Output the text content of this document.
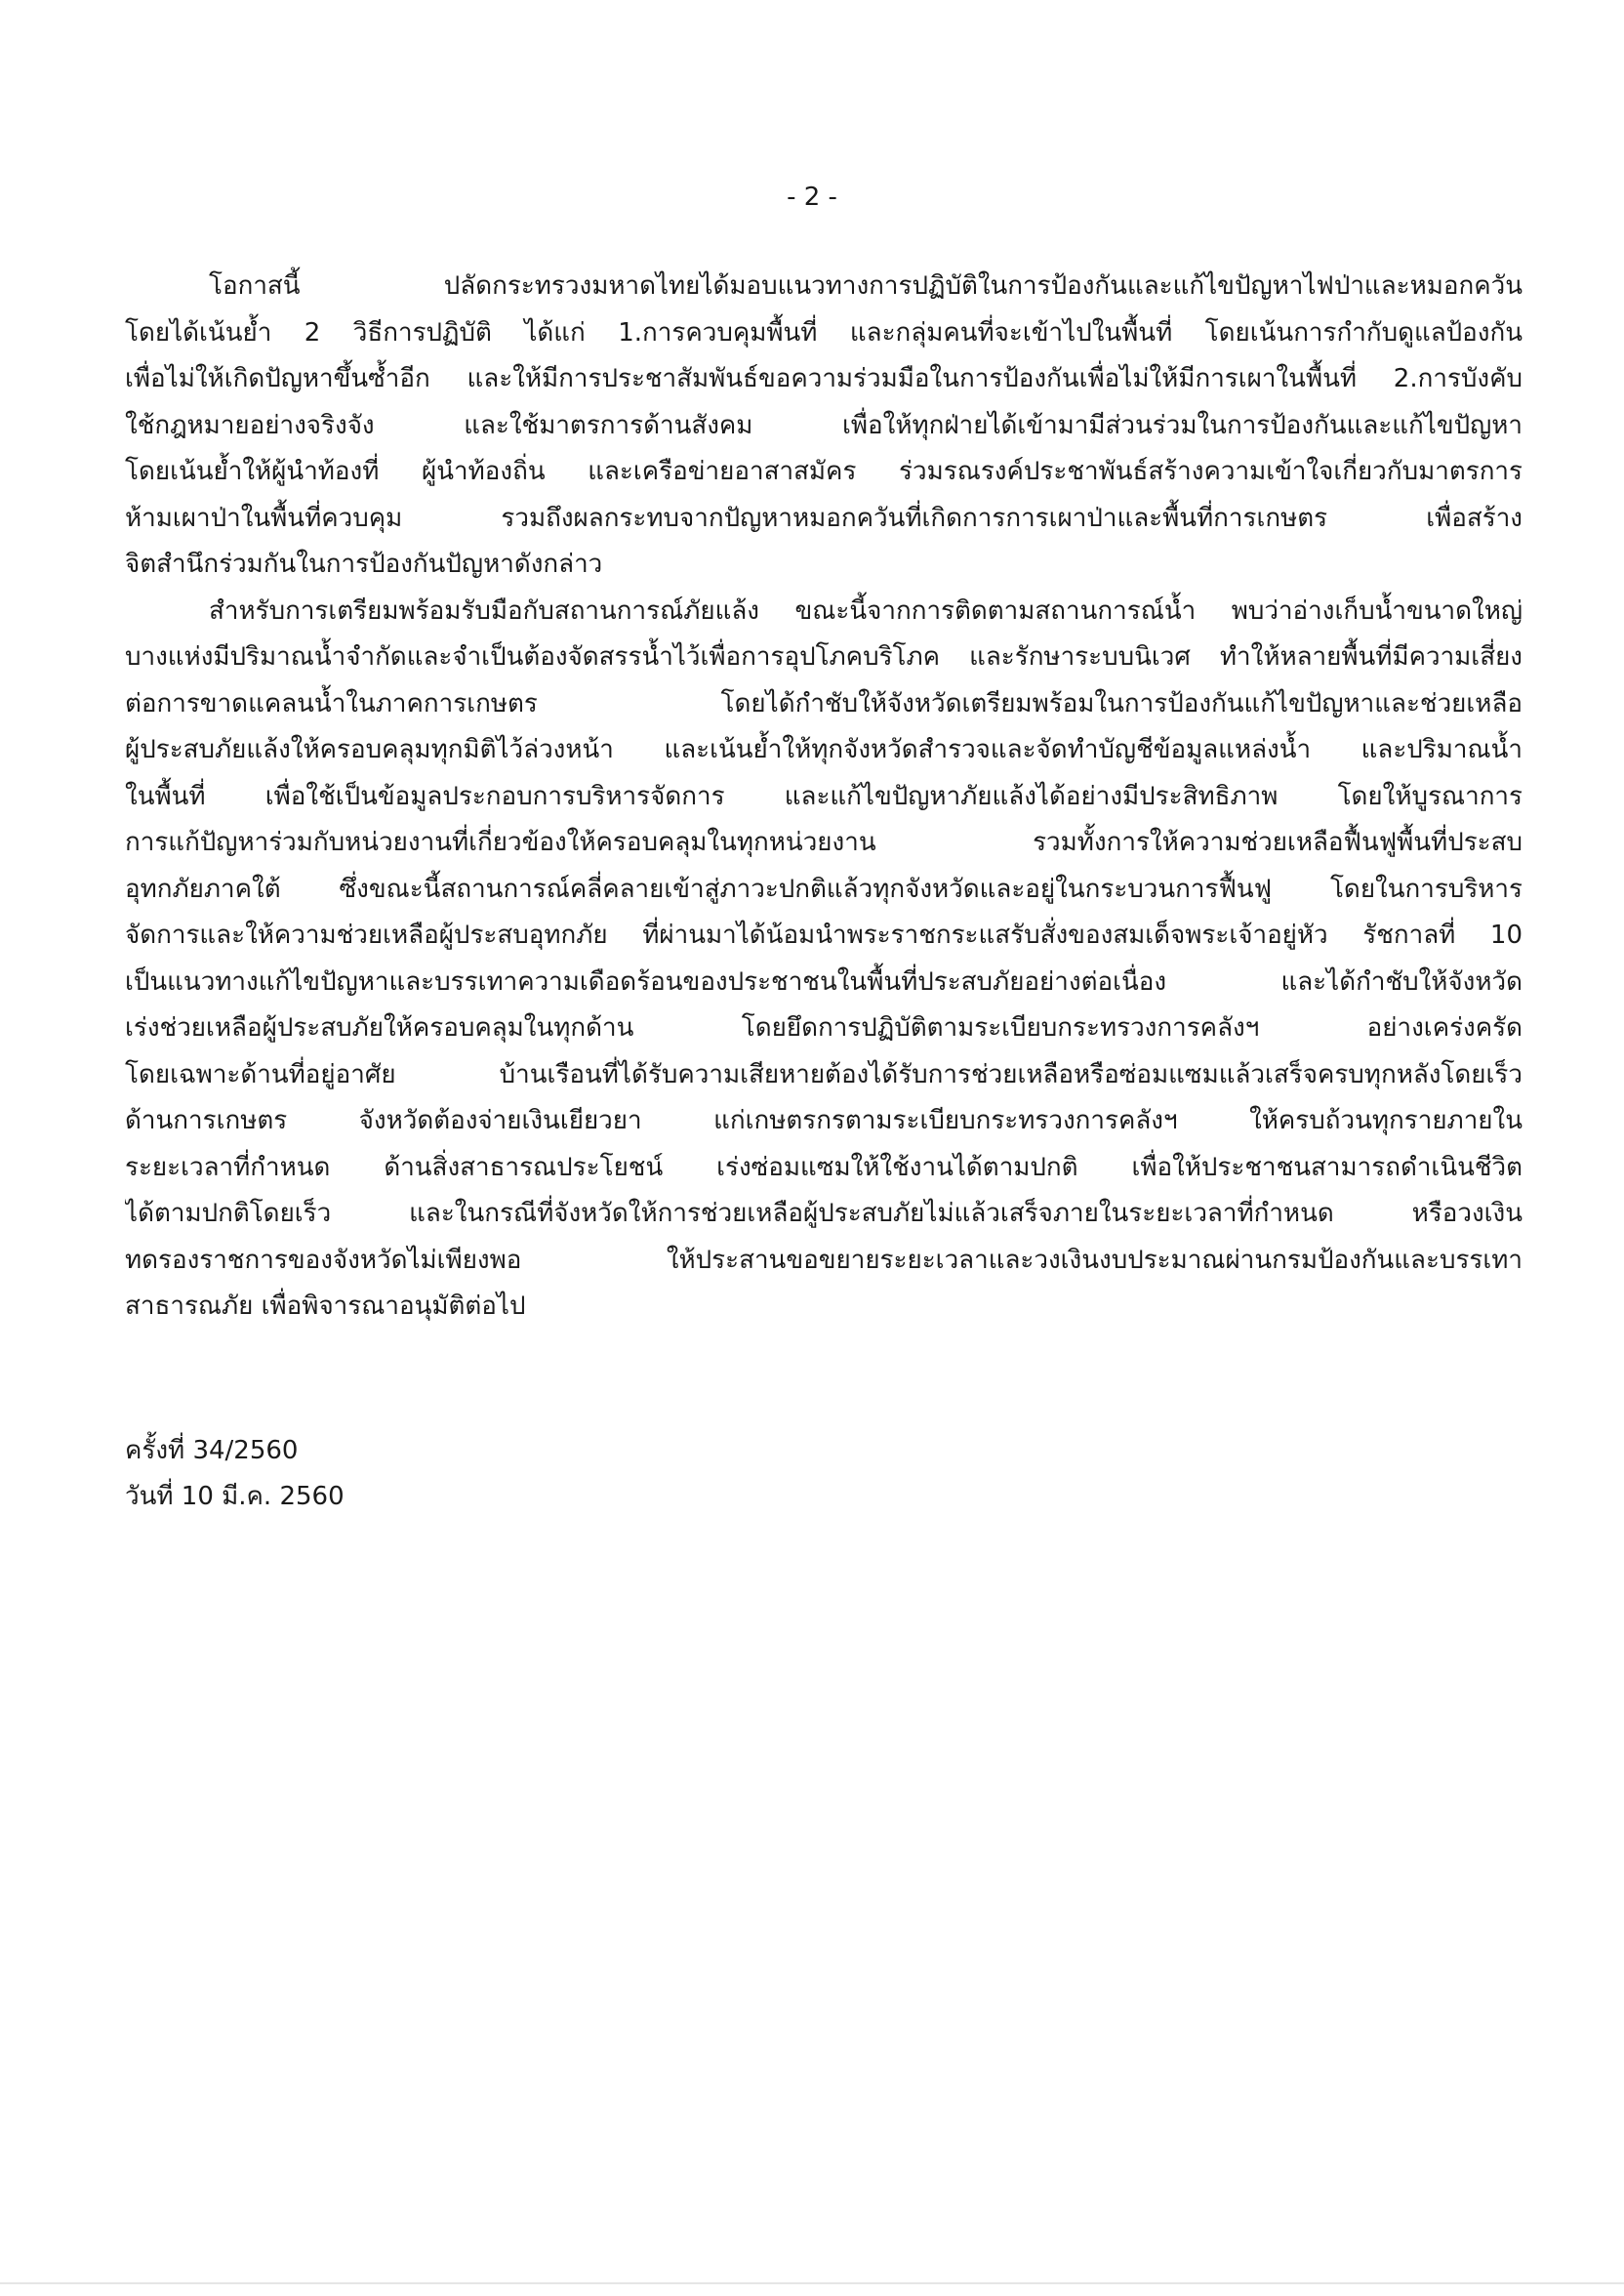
- 2 -
โอกาสนี้ ปลัดกระทรวงมหาดไทยได้มอบแนวทางการปฏิบัติในการป้องกันและแก้ไขปัญหาไฟป่าและหมอกควัน
โดยได้เน้นย้ำ 2 วิธีการปฏิบัติ ได้แก่ 1.การควบคุมพื้นที่ และกลุ่มคนที่จะเข้าไปในพื้นที่ โดยเน้นการกำกับดูแลป้องกัน
เพื่อไม่ให้เกิดปัญหาขึ้นซ้ำอีก และให้มีการประชาสัมพันธ์ขอความร่วมมือในการป้องกันเพื่อไม่ให้มีการเผาในพื้นที่ 2.การบังคับ
ใช้กฎหมายอย่างจริงจัง และใช้มาตรการด้านสังคม เพื่อให้ทุกฝ่ายได้เข้ามามีส่วนร่วมในการป้องกันและแก้ไขปัญหา
โดยเน้นย้ำให้ผู้นำท้องที่ ผู้นำท้องถิ่น และเครือข่ายอาสาสมัคร ร่วมรณรงค์ประชาพันธ์สร้างความเข้าใจเกี่ยวกับมาตรการ
ห้ามเผาป่าในพื้นที่ควบคุม รวมถึงผลกระทบจากปัญหาหมอกควันที่เกิดการการเผาป่าและพื้นที่การเกษตร เพื่อสร้าง
จิตสำนึกร่วมกันในการป้องกันปัญหาดังกล่าว
สำหรับการเตรียมพร้อมรับมือกับสถานการณ์ภัยแล้ง ขณะนี้จากการติดตามสถานการณ์น้ำ พบว่าอ่างเก็บน้ำขนาดใหญ่
บางแห่งมีปริมาณน้ำจำกัดและจำเป็นต้องจัดสรรน้ำไว้เพื่อการอุปโภคบริโภค และรักษาระบบนิเวศ ทำให้หลายพื้นที่มีความเสี่ยง
ต่อการขาดแคลนน้ำในภาคการเกษตร โดยได้กำชับให้จังหวัดเตรียมพร้อมในการป้องกันแก้ไขปัญหาและช่วยเหลือ
ผู้ประสบภัยแล้งให้ครอบคลุมทุกมิติไว้ล่วงหน้า และเน้นย้ำให้ทุกจังหวัดสำรวจและจัดทำบัญชีข้อมูลแหล่งน้ำ และปริมาณน้ำ
ในพื้นที่ เพื่อใช้เป็นข้อมูลประกอบการบริหารจัดการ และแก้ไขปัญหาภัยแล้งได้อย่างมีประสิทธิภาพ โดยให้บูรณาการ
การแก้ปัญหาร่วมกับหน่วยงานที่เกี่ยวข้องให้ครอบคลุมในทุกหน่วยงาน รวมทั้งการให้ความช่วยเหลือฟื้นฟูพื้นที่ประสบ
อุทกภัยภาคใต้ ซึ่งขณะนี้สถานการณ์คลี่คลายเข้าสู่ภาวะปกติแล้วทุกจังหวัดและอยู่ในกระบวนการฟื้นฟู โดยในการบริหาร
จัดการและให้ความช่วยเหลือผู้ประสบอุทกภัย ที่ผ่านมาได้น้อมนำพระราชกระแสรับสั่งของสมเด็จพระเจ้าอยู่หัว รัชกาลที่ 10
เป็นแนวทางแก้ไขปัญหาและบรรเทาความเดือดร้อนของประชาชนในพื้นที่ประสบภัยอย่างต่อเนื่อง และได้กำชับให้จังหวัด
เร่งช่วยเหลือผู้ประสบภัยให้ครอบคลุมในทุกด้าน โดยยึดการปฏิบัติตามระเบียบกระทรวงการคลังฯ อย่างเคร่งครัด
โดยเฉพาะด้านที่อยู่อาศัย บ้านเรือนที่ได้รับความเสียหายต้องได้รับการช่วยเหลือหรือซ่อมแซมแล้วเสร็จครบทุกหลังโดยเร็ว
ด้านการเกษตร จังหวัดต้องจ่ายเงินเยียวยา แก่เกษตรกรตามระเบียบกระทรวงการคลังฯ ให้ครบถ้วนทุกรายภายใน
ระยะเวลาที่กำหนด ด้านสิ่งสาธารณประโยชน์ เร่งซ่อมแซมให้ใช้งานได้ตามปกติ เพื่อให้ประชาชนสามารถดำเนินชีวิต
ได้ตามปกติโดยเร็ว และในกรณีที่จังหวัดให้การช่วยเหลือผู้ประสบภัยไม่แล้วเสร็จภายในระยะเวลาที่กำหนด หรือวงเงิน
ทดรองราชการของจังหวัดไม่เพียงพอ ให้ประสานขอขยายระยะเวลาและวงเงินงบประมาณผ่านกรมป้องกันและบรรเทา
สาธารณภัย เพื่อพิจารณาอนุมัติต่อไป
ครั้งที่ 34/2560
วันที่ 10 มี.ค. 2560
